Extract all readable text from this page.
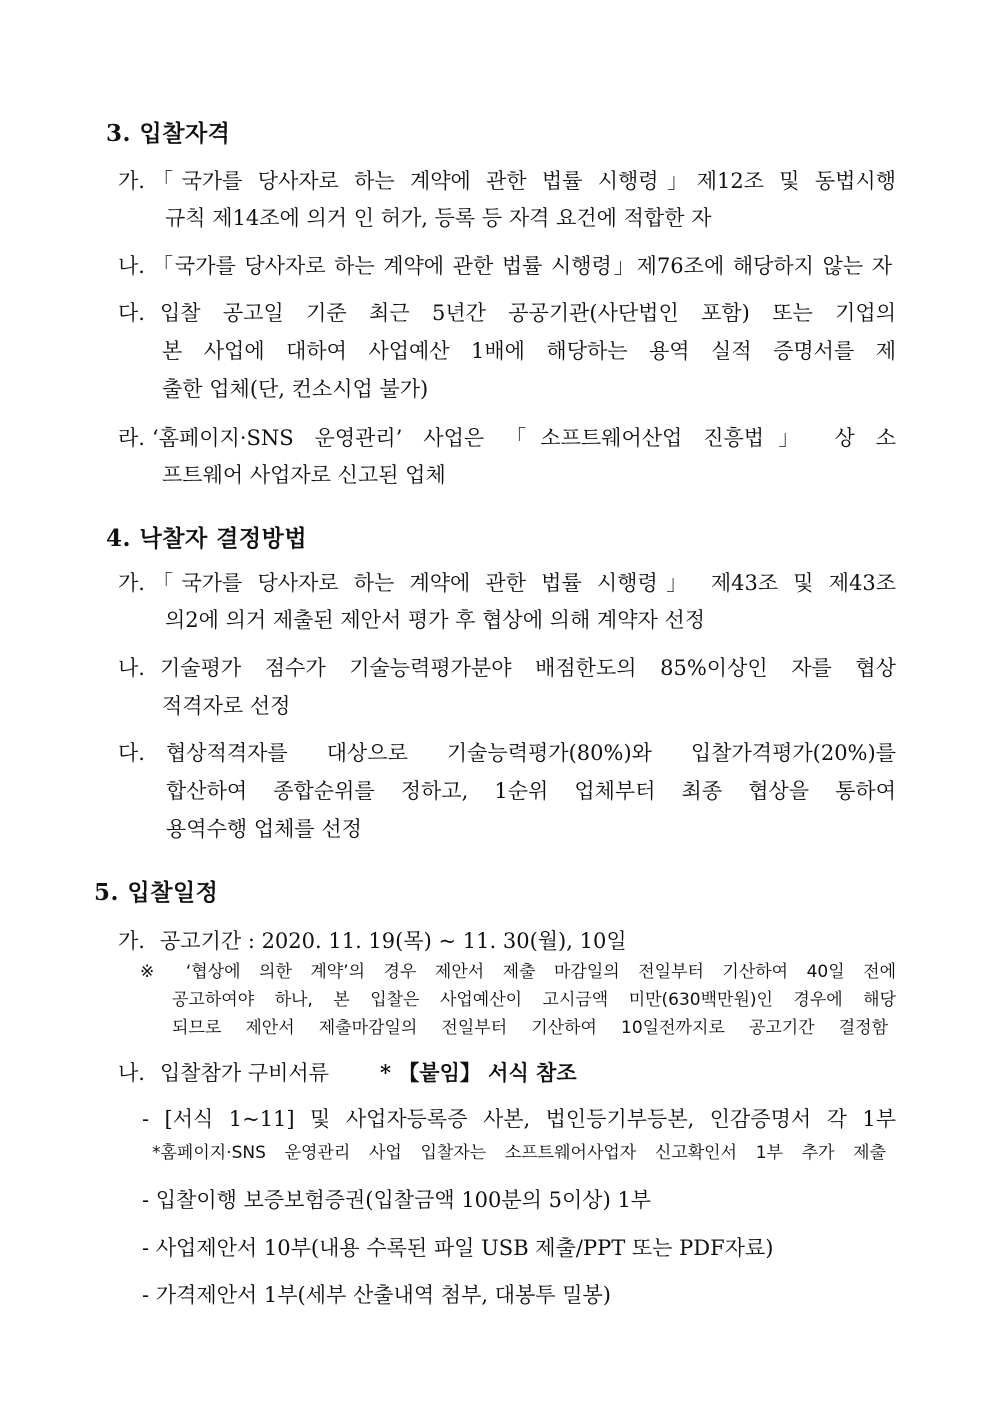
3. 입찰자격
가. 「국가를 당사자로 하는 계약에 관한 법률 시행령」제12조 및 동법시행
규칙 제14조에 의거 인 허가, 등록 등 자격 요건에 적합한 자
나. 「국가를 당사자로 하는 계약에 관한 법률 시행령」제76조에 해당하지 않는 자
다. 입찰 공고일 기준 최근 5년간 공공기관(사단법인 포함) 또는 기업의
본 사업에 대하여 사업예산 1배에 해당하는 용역 실적 증명서를 제
출한 업체(단, 컨소시업 불가)
라. ‘홈페이지·SNS 운영관리’ 사업은 「소프트웨어산업 진흥법」 상 소
프트웨어 사업자로 신고된 업체
4. 낙찰자 결정방법
가. 「국가를 당사자로 하는 계약에 관한 법률 시행령」 제43조 및 제43조
의2에 의거 제출된 제안서 평가 후 협상에 의해 계약자 선정
나. 기술평가 점수가 기술능력평가분야 배점한도의 85%이상인 자를 협상
적격자로 선정
다. 협상적격자를 대상으로 기술능력평가(80%)와 입찰가격평가(20%)를
합산하여 종합순위를 정하고, 1순위 업체부터 최종 협상을 통하여
용역수행 업체를 선정
5. 입찰일정
가. 공고기간 : 2020. 11. 19(목) ~ 11. 30(월), 10일
※ ‘협상에 의한 계약’의 경우 제안서 제출 마감일의 전일부터 기산하여 40일 전에
공고하여야 하나, 본 입찰은 사업예산이 고시금액 미만(630백만원)인 경우에 해당
되므로 제안서 제출마감일의 전일부터 기산하여 10일전까지로 공고기간 결정함
나. 입찰참가 구비서류 * 【붙임】 서식 참조
- [서식 1~11] 및 사업자등록증 사본, 법인등기부등본, 인감증명서 각 1부
*홈페이지·SNS 운영관리 사업 입찰자는 소프트웨어사업자 신고확인서 1부 추가 제출
- 입찰이행 보증보험증권(입찰금액 100분의 5이상) 1부
- 사업제안서 10부(내용 수록된 파일 USB 제출/PPT 또는 PDF자료)
- 가격제안서 1부(세부 산출내역 첨부, 대봉투 밀봉)
